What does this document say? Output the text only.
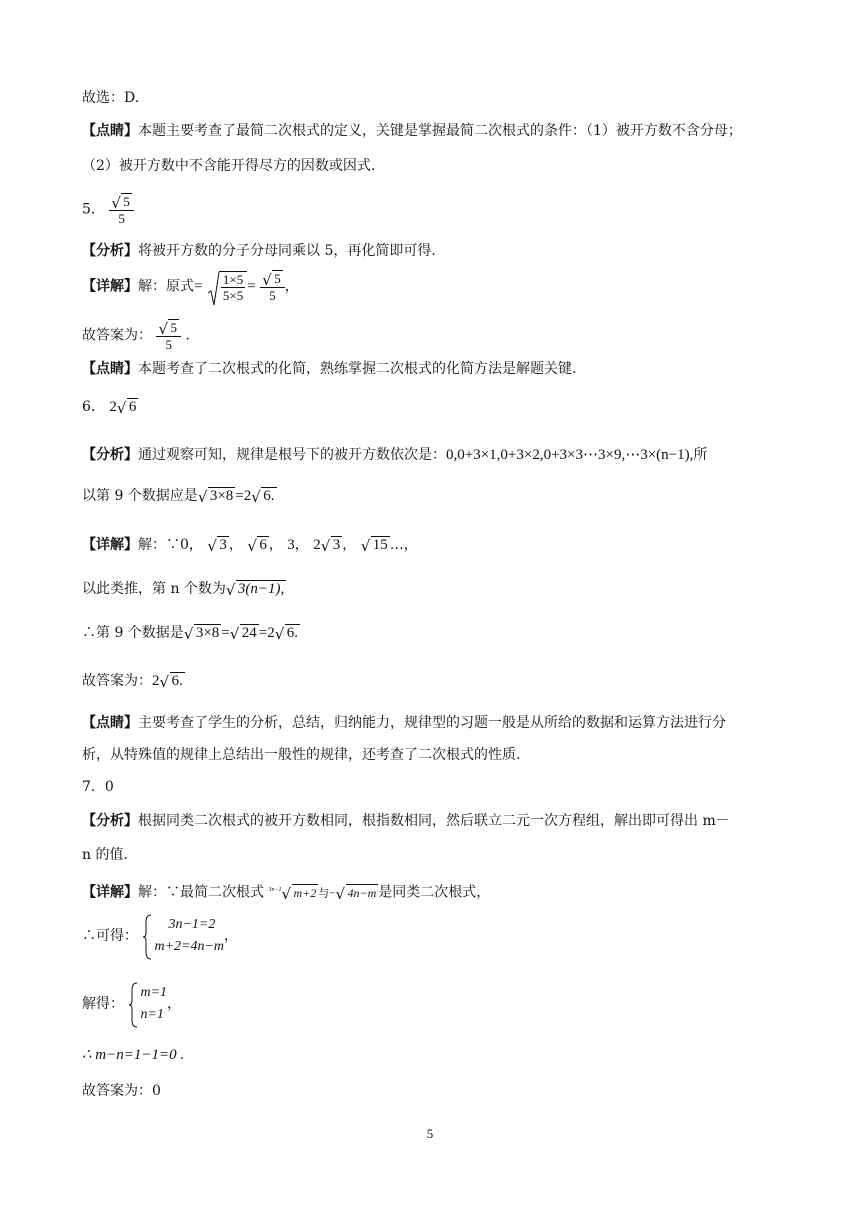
故选：D.
【点睛】本题主要考查了最简二次根式的定义，关键是掌握最简二次根式的条件：（1）被开方数不含分母；
（2）被开方数中不含能开得尽方的因数或因式.
5． √ $\frac{5}{5}$
【分析】将被开方数的分子分母同乘以 5，再化简即可得.
【详解】解：原式= $\frac{1\times 5}{5\times 5}$ = √ $\frac{5}{5}$ ，
故答案为： √ $\frac{5}{5}$ .
【点睛】本题考查了二次根式的化简，熟练掌握二次根式的化简方法是解题关键.
6． 2 √ 6
【分析】通过观察可知，规律是根号下的被开方数依次是：0,0+3×1,0+3×2,0+3×3⋯3×9,⋯3×(n−1),所
以第 9 个数据应是 √ 3×8 =2 √ 6.
【详解】解：∵0， √ 3 ， √ 6 ， 3， 2 √ 3 ， √ 15 …，
以此类推，第 n 个数为 √ 3(n−1),
∴第 9 个数据是 √ 3×8 = √ 24 =2 √ 6.
故答案为：2 √ 6.
【点睛】主要考查了学生的分析，总结，归纳能力，规律型的习题一般是从所给的数据和运算方法进行分
析，从特殊值的规律上总结出一般性的规律，还考查了二次根式的性质.
7．0
【分析】根据同类二次根式的被开方数相同，根指数相同，然后联立二元一次方程组，解出即可得出 m－
n 的值.
【详解】解：∵最简二次根式 $^{3n-1}$ √ m+2 与− √ 4n−m 是同类二次根式，
∴可得：
3n−1=2
m+2=4n−m
，
解得：
m=1
n=1
，
∴ m−n=1−1=0 .
故答案为：0
5
